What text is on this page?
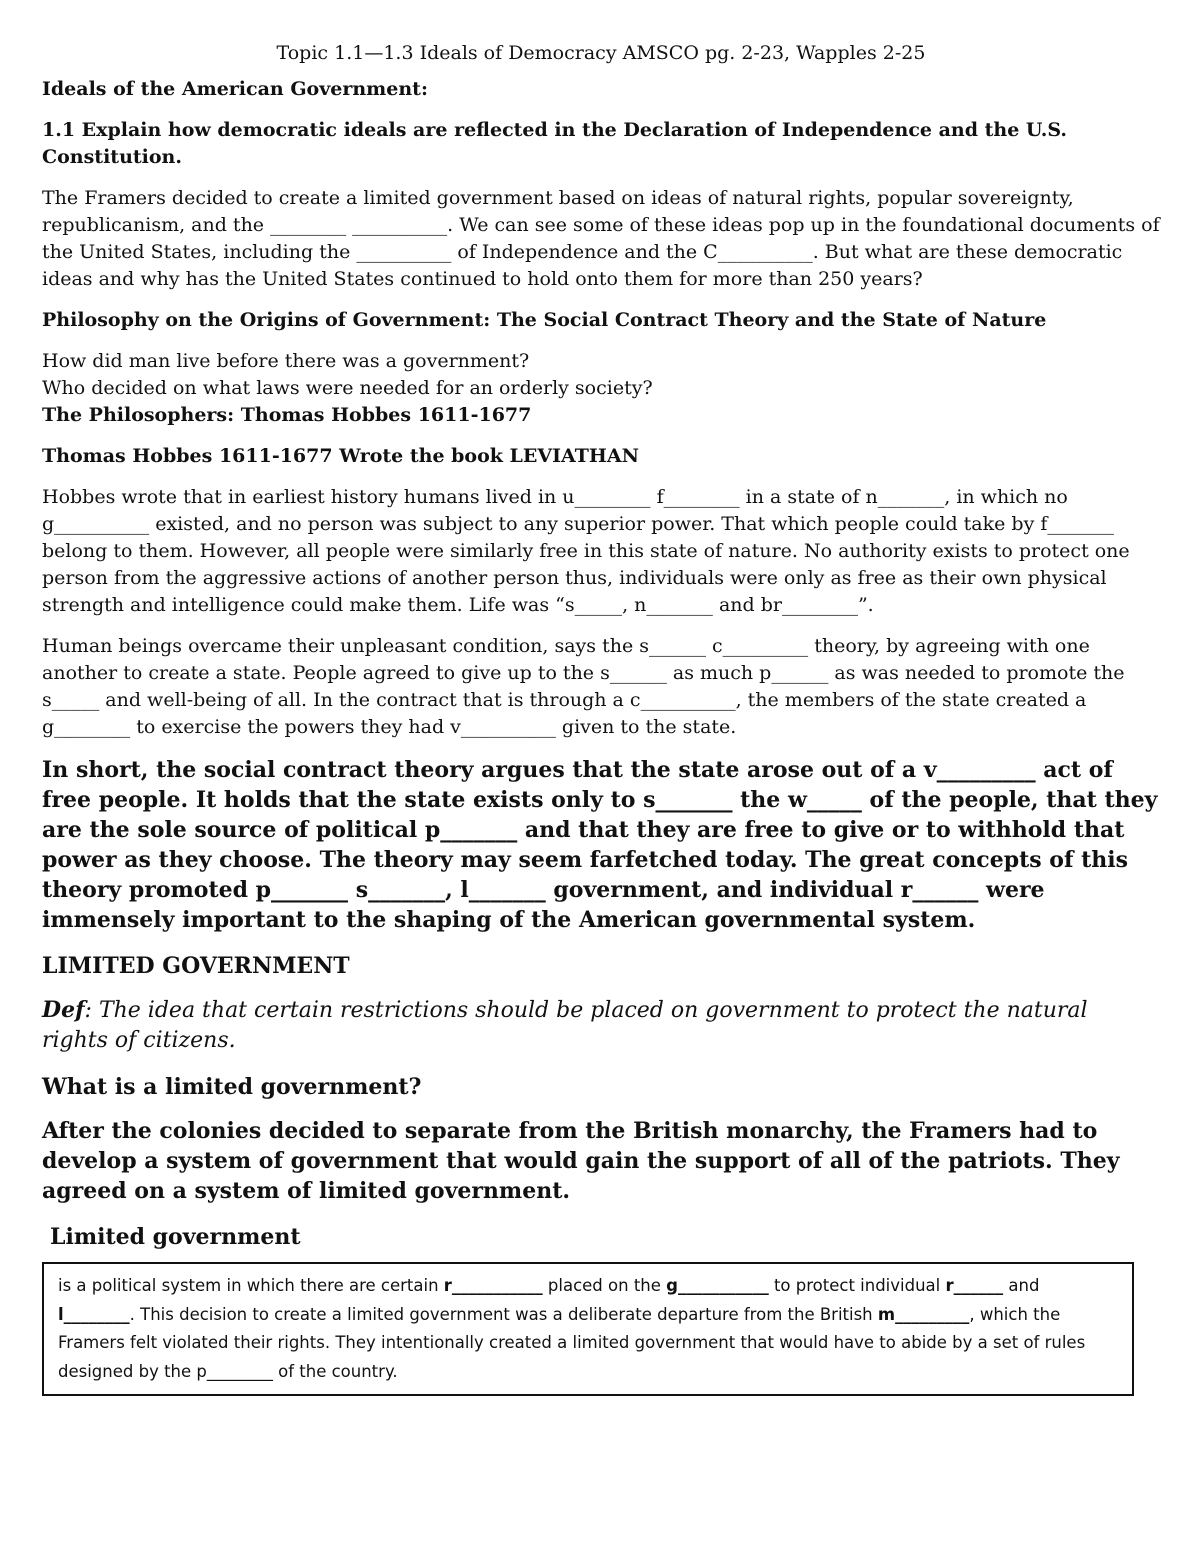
Topic 1.1—1.3 Ideals of Democracy AMSCO pg. 2-23, Wapples 2-25

Ideals of the American Government:

1.1 Explain how democratic ideals are reflected in the Declaration of Independence and the U.S. Constitution.

The Framers decided to create a limited government based on ideas of natural rights, popular sovereignty, republicanism, and the ________ __________. We can see some of these ideas pop up in the foundational documents of the United States, including the __________ of Independence and the C__________. But what are these democratic ideas and why has the United States continued to hold onto them for more than 250 years?

Philosophy on the Origins of Government: The Social Contract Theory and the State of Nature

How did man live before there was a government?

Who decided on what laws were needed for an orderly society?

The Philosophers: Thomas Hobbes 1611-1677

Thomas Hobbes 1611-1677 Wrote the book LEVIATHAN

Hobbes wrote that in earliest history humans lived in u________ f________ in a state of n_______, in which no g__________ existed, and no person was subject to any superior power. That which people could take by f_______ belong to them. However, all people were similarly free in this state of nature. No authority exists to protect one person from the aggressive actions of another person thus, individuals were only as free as their own physical strength and intelligence could make them. Life was “s_____, n_______ and br________”.

Human beings overcame their unpleasant condition, says the s______ c_________ theory, by agreeing with one another to create a state. People agreed to give up to the s______ as much p______ as was needed to promote the s_____ and well-being of all. In the contract that is through a c__________, the members of the state created a g________ to exercise the powers they had v__________ given to the state.

In short, the social contract theory argues that the state arose out of a v_________ act of free people. It holds that the state exists only to s_______ the w_____ of the people, that they are the sole source of political p_______ and that they are free to give or to withhold that power as they choose. The theory may seem farfetched today. The great concepts of this theory promoted p_______ s_______, l_______ government, and individual r______ were immensely important to the shaping of the American governmental system.

LIMITED GOVERNMENT

Def: The idea that certain restrictions should be placed on government to protect the natural rights of citizens.

What is a limited government?

After the colonies decided to separate from the British monarchy, the Framers had to develop a system of government that would gain the support of all of the patriots. They agreed on a system of limited government.

Limited government

is a political system in which there are certain r___________ placed on the g___________ to protect individual r______ and l________. This decision to create a limited government was a deliberate departure from the British m_________, which the Framers felt violated their rights. They intentionally created a limited government that would have to abide by a set of rules designed by the p________ of the country.
